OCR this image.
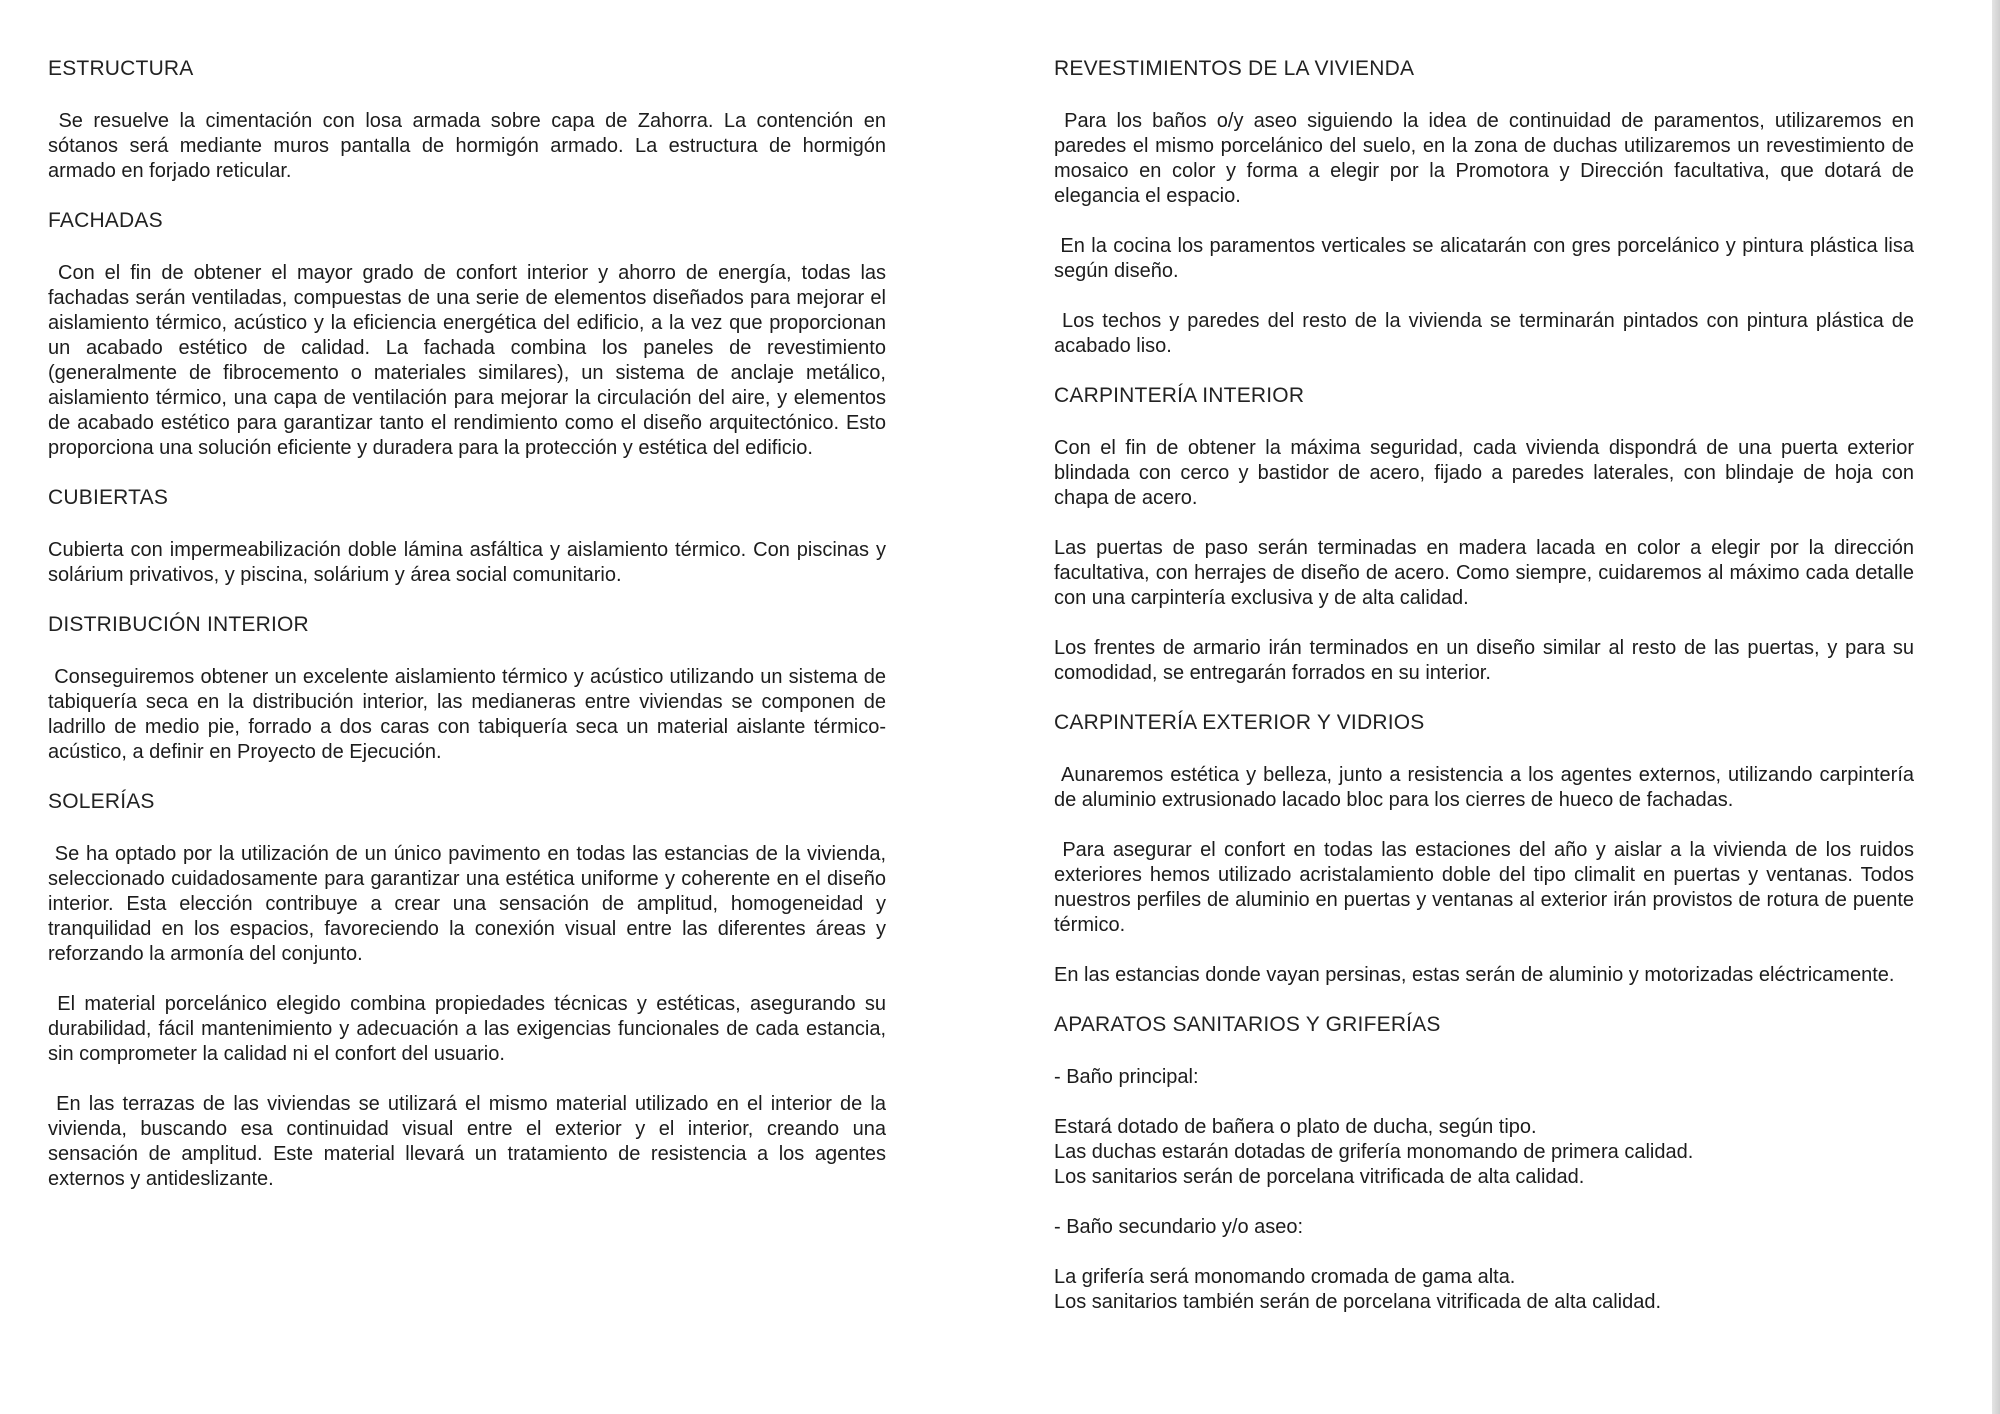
ESTRUCTURA

Se resuelve la cimentación con losa armada sobre capa de Zahorra. La contención en sótanos será mediante muros pantalla de hormigón armado. La estructura de hormigón armado en forjado reticular.

FACHADAS

Con el fin de obtener el mayor grado de confort interior y ahorro de energía, todas las fachadas serán ventiladas, compuestas de una serie de elementos diseñados para mejorar el aislamiento térmico, acústico y la eficiencia energética del edificio, a la vez que proporcionan un acabado estético de calidad. La fachada combina los paneles de revestimiento (generalmente de fibrocemento o materiales similares), un sistema de anclaje metálico, aislamiento térmico, una capa de ventilación para mejorar la circulación del aire, y elementos de acabado estético para garantizar tanto el rendimiento como el diseño arquitectónico. Esto proporciona una solución eficiente y duradera para la protección y estética del edificio.

CUBIERTAS

Cubierta con impermeabilización doble lámina asfáltica y aislamiento térmico. Con piscinas y solárium privativos, y piscina, solárium y área social comunitario.

DISTRIBUCIÓN INTERIOR

Conseguiremos obtener un excelente aislamiento térmico y acústico utilizando un sistema de tabiquería seca en la distribución interior, las medianeras entre viviendas se componen de ladrillo de medio pie, forrado a dos caras con tabiquería seca un material aislante térmico-acústico, a definir en Proyecto de Ejecución.

SOLERÍAS

Se ha optado por la utilización de un único pavimento en todas las estancias de la vivienda, seleccionado cuidadosamente para garantizar una estética uniforme y coherente en el diseño interior. Esta elección contribuye a crear una sensación de amplitud, homogeneidad y tranquilidad en los espacios, favoreciendo la conexión visual entre las diferentes áreas y reforzando la armonía del conjunto.

El material porcelánico elegido combina propiedades técnicas y estéticas, asegurando su durabilidad, fácil mantenimiento y adecuación a las exigencias funcionales de cada estancia, sin comprometer la calidad ni el confort del usuario.

En las terrazas de las viviendas se utilizará el mismo material utilizado en el interior de la vivienda, buscando esa continuidad visual entre el exterior y el interior, creando una sensación de amplitud. Este material llevará un tratamiento de resistencia a los agentes externos y antideslizante.

REVESTIMIENTOS DE LA VIVIENDA

Para los baños o/y aseo siguiendo la idea de continuidad de paramentos, utilizaremos en paredes el mismo porcelánico del suelo, en la zona de duchas utilizaremos un revestimiento de mosaico en color y forma a elegir por la Promotora y Dirección facultativa, que dotará de elegancia el espacio.

En la cocina los paramentos verticales se alicatarán con gres porcelánico y pintura plástica lisa según diseño.

Los techos y paredes del resto de la vivienda se terminarán pintados con pintura plástica de acabado liso.

CARPINTERÍA INTERIOR

Con el fin de obtener la máxima seguridad, cada vivienda dispondrá de una puerta exterior blindada con cerco y bastidor de acero, fijado a paredes laterales, con blindaje de hoja con chapa de acero.

Las puertas de paso serán terminadas en madera lacada en color a elegir por la dirección facultativa, con herrajes de diseño de acero. Como siempre, cuidaremos al máximo cada detalle con una carpintería exclusiva y de alta calidad.

Los frentes de armario irán terminados en un diseño similar al resto de las puertas, y para su comodidad, se entregarán forrados en su interior.

CARPINTERÍA EXTERIOR Y VIDRIOS

Aunaremos estética y belleza, junto a resistencia a los agentes externos, utilizando carpintería de aluminio extrusionado lacado bloc para los cierres de hueco de fachadas.

Para asegurar el confort en todas las estaciones del año y aislar a la vivienda de los ruidos exteriores hemos utilizado acristalamiento doble del tipo climalit en puertas y ventanas. Todos nuestros perfiles de aluminio en puertas y ventanas al exterior irán provistos de rotura de puente térmico.

En las estancias donde vayan persinas, estas serán de aluminio y motorizadas eléctricamente.

APARATOS SANITARIOS Y GRIFERÍAS

- Baño principal:

Estará dotado de bañera o plato de ducha, según tipo.
Las duchas estarán dotadas de grifería monomando de primera calidad.
Los sanitarios serán de porcelana vitrificada de alta calidad.

- Baño secundario y/o aseo:

La grifería será monomando cromada de gama alta.
Los sanitarios también serán de porcelana vitrificada de alta calidad.
